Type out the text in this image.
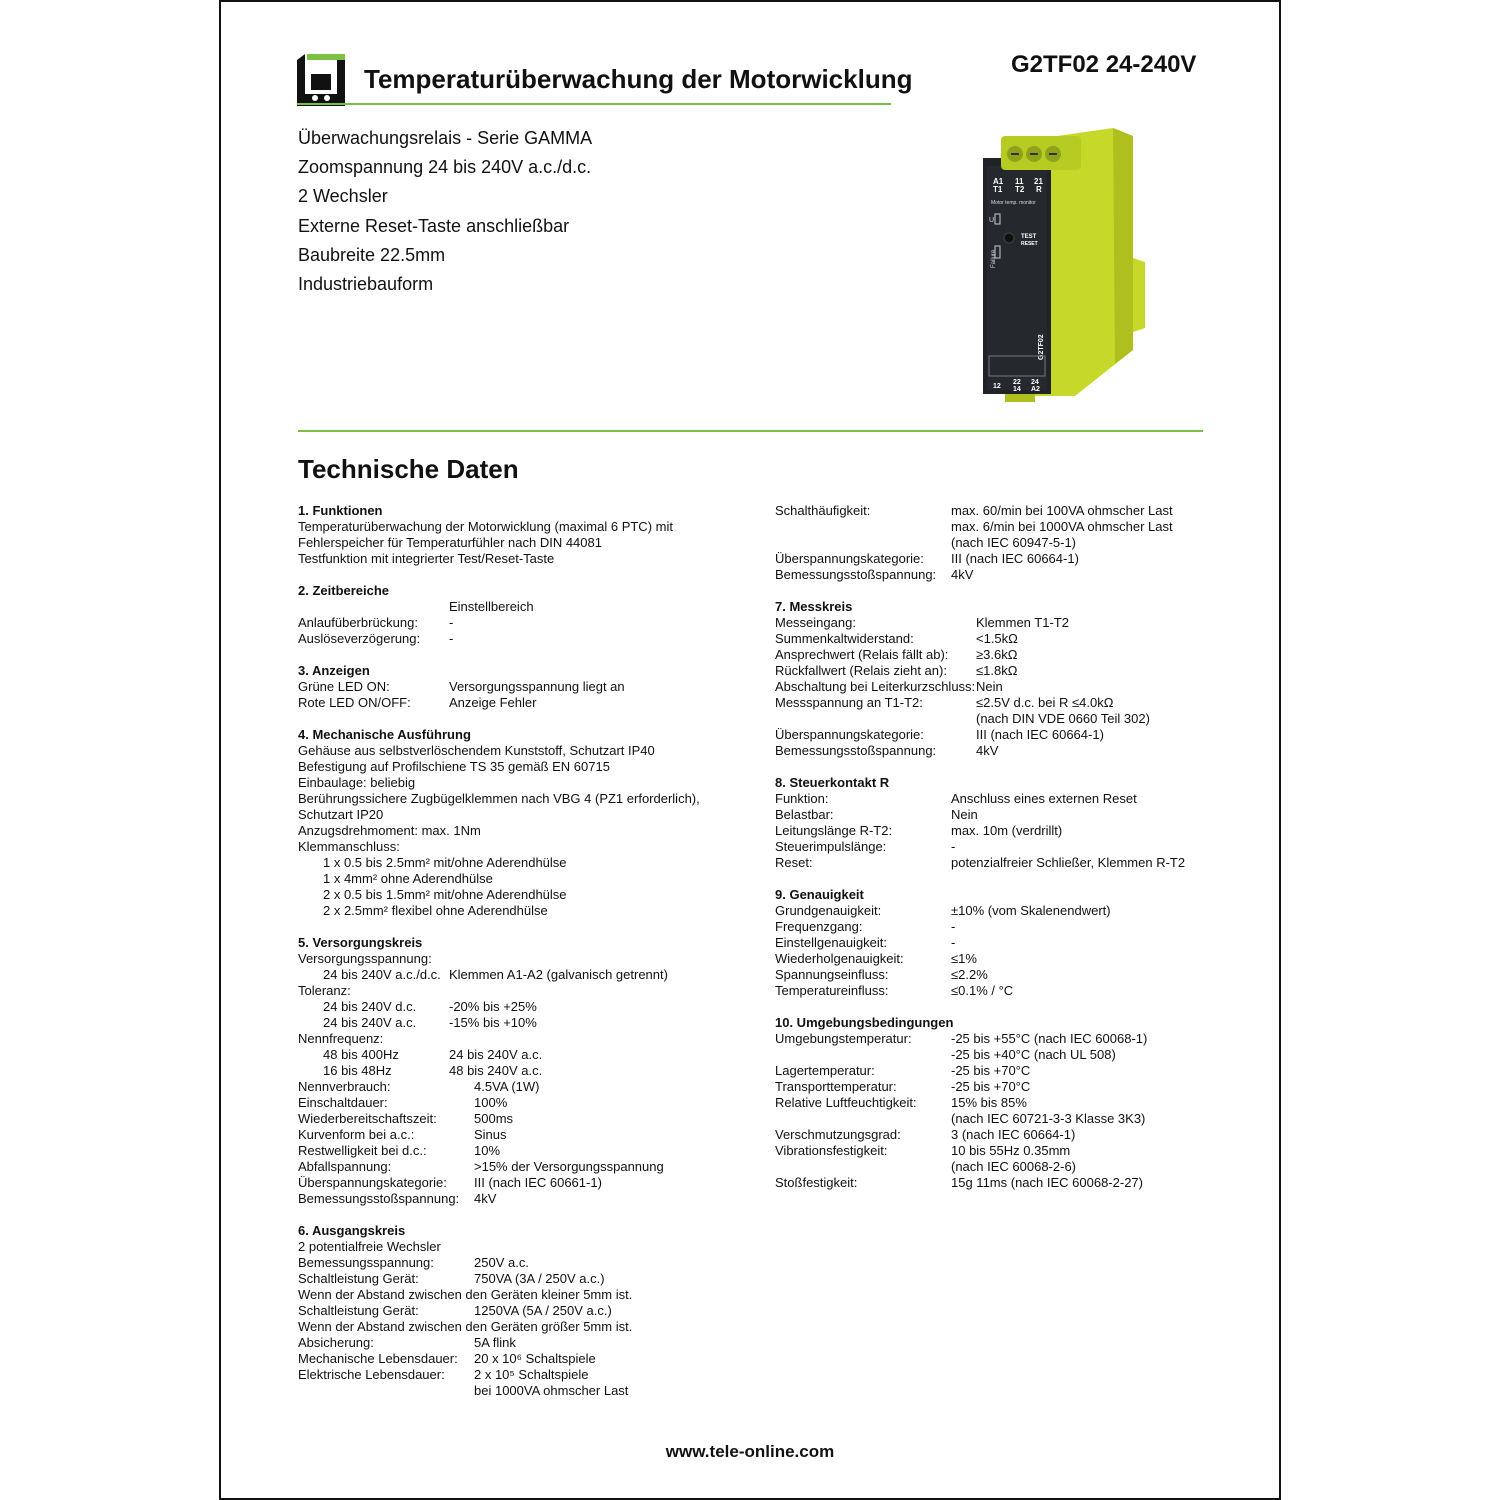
Temperaturüberwachung der Motorwicklung	G2TF02 24-240V
Überwachungsrelais - Serie GAMMA
Zoomspannung 24 bis 240V a.c./d.c.
2 Wechsler
Externe Reset-Taste anschließbar
Baubreite 22.5mm
Industriebauform
A1 11 21
T1 T2 R
Motor temp. monitor
U
TEST
RESET
Failure
G2TF02
12
22 24
14 A2
Technische Daten
1. Funktionen
Temperaturüberwachung der Motorwicklung (maximal 6 PTC) mit
Fehlerspeicher für Temperaturfühler nach DIN 44081
Testfunktion mit integrierter Test/Reset-Taste
2. Zeitbereiche
Einstellbereich
Anlaufüberbrückung:	-
Auslöseverzögerung:	-
3. Anzeigen
Grüne LED ON:	Versorgungsspannung liegt an
Rote LED ON/OFF:	Anzeige Fehler
4. Mechanische Ausführung
Gehäuse aus selbstverlöschendem Kunststoff, Schutzart IP40
Befestigung auf Profilschiene TS 35 gemäß EN 60715
Einbaulage: beliebig
Berührungssichere Zugbügelklemmen nach VBG 4 (PZ1 erforderlich),
Schutzart IP20
Anzugsdrehmoment: max. 1Nm
Klemmanschluss:
1 x 0.5 bis 2.5mm² mit/ohne Aderendhülse
1 x 4mm² ohne Aderendhülse
2 x 0.5 bis 1.5mm² mit/ohne Aderendhülse
2 x 2.5mm² flexibel ohne Aderendhülse
5. Versorgungskreis
Versorgungsspannung:
24 bis 240V a.c./d.c. Klemmen A1-A2 (galvanisch getrennt)
Toleranz:
24 bis 240V d.c.	-20% bis +25%
24 bis 240V a.c.	-15% bis +10%
Nennfrequenz:
48 bis 400Hz	24 bis 240V a.c.
16 bis 48Hz	48 bis 240V a.c.
Nennverbrauch:	4.5VA (1W)
Einschaltdauer:	100%
Wiederbereitschaftszeit:	500ms
Kurvenform bei a.c.:	Sinus
Restwelligkeit bei d.c.:	10%
Abfallspannung:	>15% der Versorgungsspannung
Überspannungskategorie:	III (nach IEC 60661-1)
Bemessungsstoßspannung:	4kV
6. Ausgangskreis
2 potentialfreie Wechsler
Bemessungsspannung:	250V a.c.
Schaltleistung Gerät:	750VA (3A / 250V a.c.)
Wenn der Abstand zwischen den Geräten kleiner 5mm ist.
Schaltleistung Gerät:	1250VA (5A / 250V a.c.)
Wenn der Abstand zwischen den Geräten größer 5mm ist.
Absicherung:	5A flink
Mechanische Lebensdauer:	20 x 10⁶ Schaltspiele
Elektrische Lebensdauer:	2 x 10⁵ Schaltspiele
bei 1000VA ohmscher Last
Schalthäufigkeit:	max. 60/min bei 100VA ohmscher Last
max. 6/min bei 1000VA ohmscher Last
(nach IEC 60947-5-1)
Überspannungskategorie:	III (nach IEC 60664-1)
Bemessungsstoßspannung:	4kV
7. Messkreis
Messeingang:	Klemmen T1-T2
Summenkaltwiderstand:	<1.5kΩ
Ansprechwert (Relais fällt ab):	≥3.6kΩ
Rückfallwert (Relais zieht an):	≤1.8kΩ
Abschaltung bei Leiterkurzschluss: Nein
Messspannung an T1-T2:	≤2.5V d.c. bei R ≤4.0kΩ
(nach DIN VDE 0660 Teil 302)
Überspannungskategorie:	III (nach IEC 60664-1)
Bemessungsstoßspannung:	4kV
8. Steuerkontakt R
Funktion:	Anschluss eines externen Reset
Belastbar:	Nein
Leitungslänge R-T2:	max. 10m (verdrillt)
Steuerimpulslänge:	-
Reset:	potenzialfreier Schließer, Klemmen R-T2
9. Genauigkeit
Grundgenauigkeit:	±10% (vom Skalenendwert)
Frequenzgang:	-
Einstellgenauigkeit:	-
Wiederholgenauigkeit:	≤1%
Spannungseinfluss:	≤2.2%
Temperatureinfluss:	≤0.1% / °C
10. Umgebungsbedingungen
Umgebungstemperatur:	-25 bis +55°C (nach IEC 60068-1)
-25 bis +40°C (nach UL 508)
Lagertemperatur:	-25 bis +70°C
Transporttemperatur:	-25 bis +70°C
Relative Luftfeuchtigkeit:	15% bis 85%
(nach IEC 60721-3-3 Klasse 3K3)
Verschmutzungsgrad:	3 (nach IEC 60664-1)
Vibrationsfestigkeit:	10 bis 55Hz 0.35mm
(nach IEC 60068-2-6)
Stoßfestigkeit:	15g 11ms (nach IEC 60068-2-27)
www.tele-online.com
